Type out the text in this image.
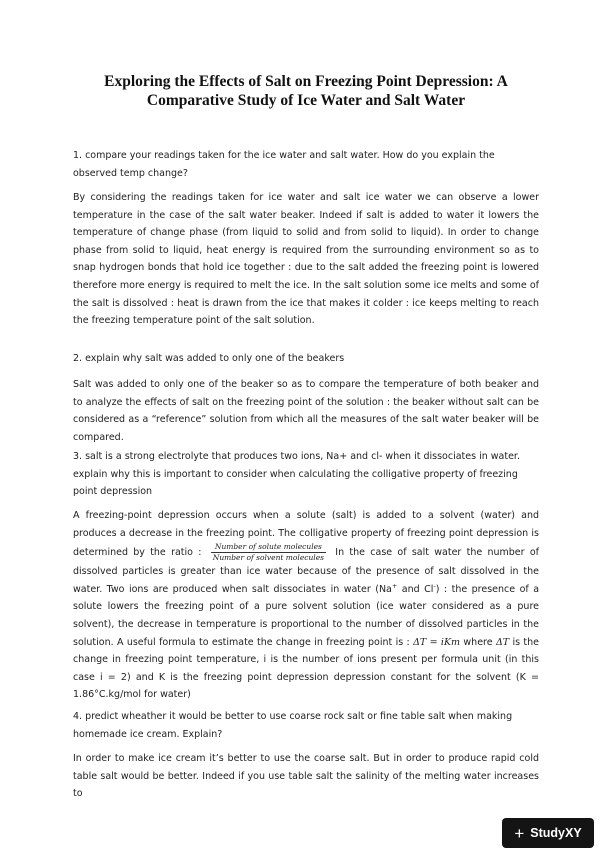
Exploring the Effects of Salt on Freezing Point Depression: A Comparative Study of Ice Water and Salt Water
1. compare your readings taken for the ice water and salt water. How do you explain the observed temp change?
By considering the readings taken for ice water and salt ice water we can observe a lower temperature in the case of the salt water beaker. Indeed if salt is added to water it lowers the temperature of change phase (from liquid to solid and from solid to liquid). In order to change phase from solid to liquid, heat energy is required from the surrounding environment so as to snap hydrogen bonds that hold ice together : due to the salt added the freezing point is lowered therefore more energy is required to melt the ice. In the salt solution some ice melts and some of the salt is dissolved : heat is drawn from the ice that makes it colder : ice keeps melting to reach the freezing temperature point of the salt solution.
2. explain why salt was added to only one of the beakers
Salt was added to only one of the beaker so as to compare the temperature of both beaker and to analyze the effects of salt on the freezing point of the solution : the beaker without salt can be considered as a “reference” solution from which all the measures of the salt water beaker will be compared.
3. salt is a strong electrolyte that produces two ions, Na+ and cl- when it dissociates in water. explain why this is important to consider when calculating the colligative property of freezing point depression
A freezing-point depression occurs when a solute (salt) is added to a solvent (water) and produces a decrease in the freezing point. The colligative property of freezing point depression is determined by the ratio : $\frac{\text{Number of solute molecules}}{\text{Number of solvent molecules}}$ In the case of salt water the number of dissolved particles is greater than ice water because of the presence of salt dissolved in the water. Two ions are produced when salt dissociates in water (Na+ and Cl-) : the presence of a solute lowers the freezing point of a pure solvent solution (ice water considered as a pure solvent), the decrease in temperature is proportional to the number of dissolved particles in the solution. A useful formula to estimate the change in freezing point is : ΔT = iKm where ΔT is the change in freezing point temperature, i is the number of ions present per formula unit (in this case i = 2) and K is the freezing point depression depression constant for the solvent (K = 1.86°C.kg/mol for water)
4. predict wheather it would be better to use coarse rock salt or fine table salt when making homemade ice cream. Explain?
In order to make ice cream it’s better to use the coarse salt. But in order to produce rapid cold table salt would be better. Indeed if you use table salt the salinity of the melting water increases to
+ StudyXY
